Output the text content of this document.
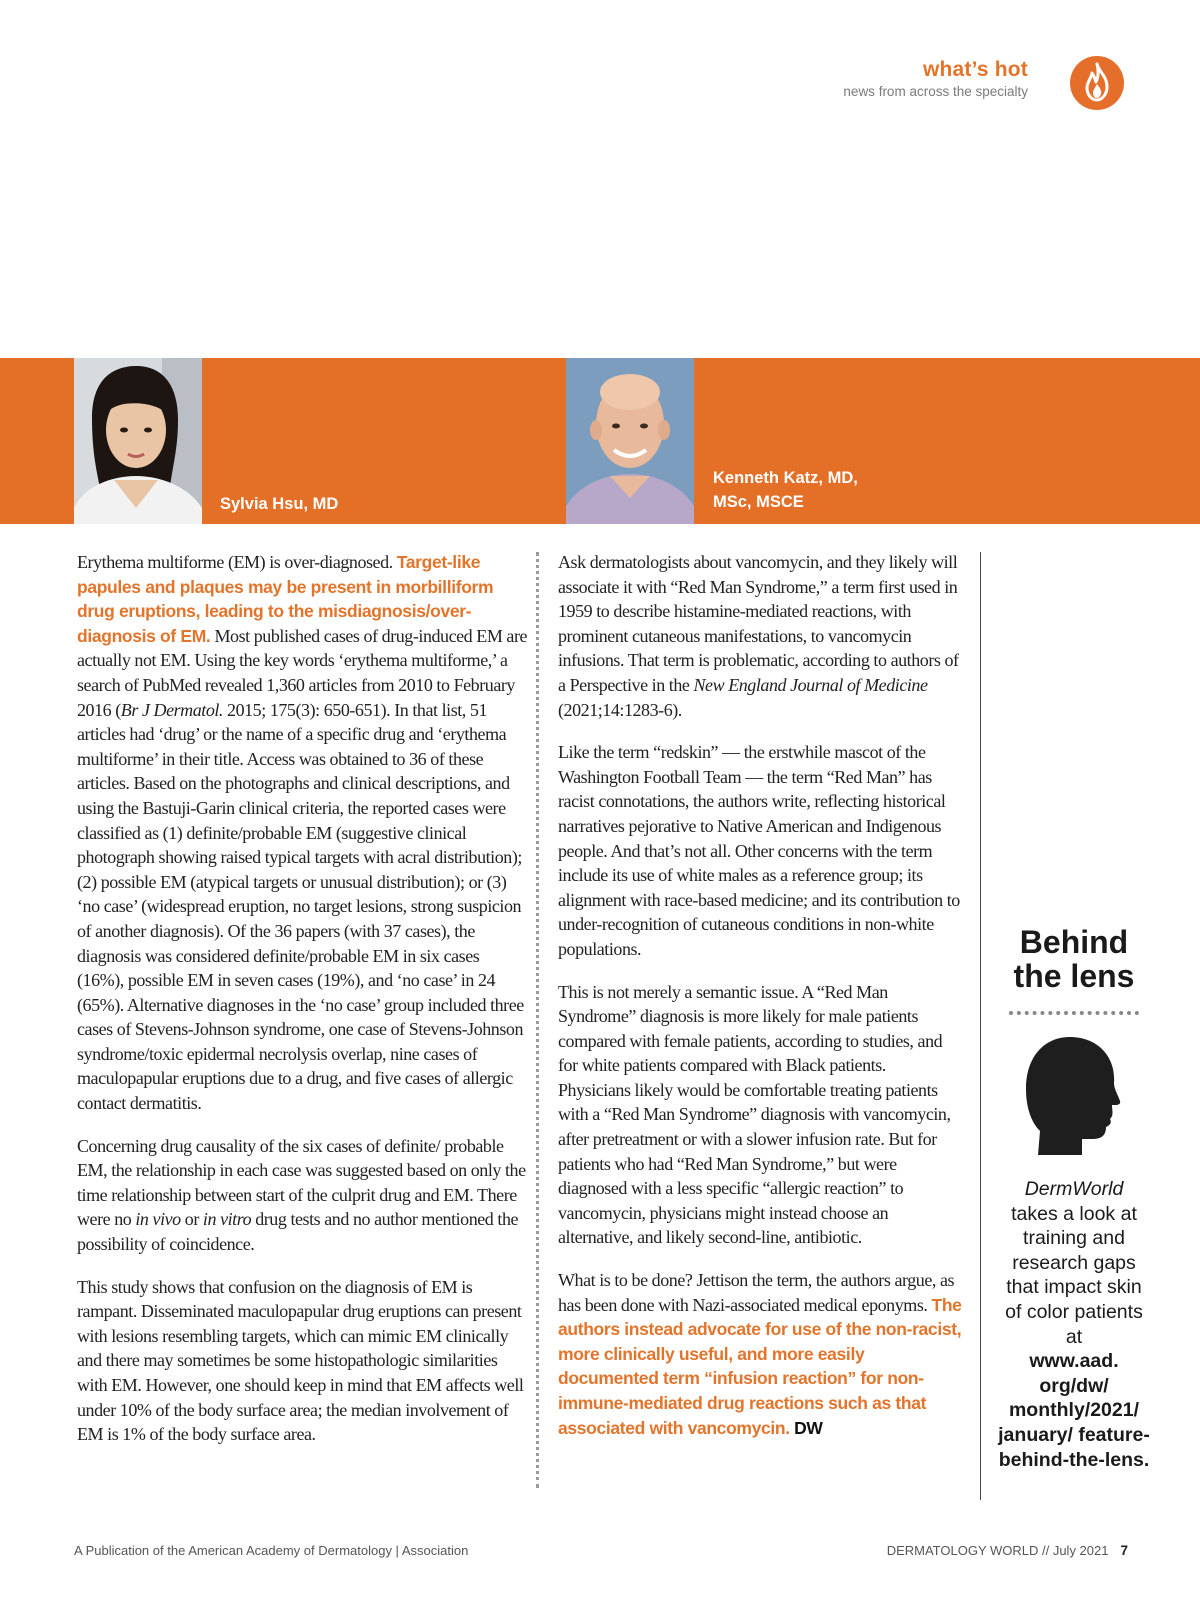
what’s hot
news from across the specialty
Sylvia Hsu, MD
Kenneth Katz, MD,
MSc, MSCE

Erythema multiforme (EM) is over-diagnosed. Target-like papules and plaques may be present in morbilliform drug eruptions, leading to the misdiagnosis/over-diagnosis of EM. Most published cases of drug-induced EM are actually not EM. Using the key words ‘erythema multiforme,’ a search of PubMed revealed 1,360 articles from 2010 to February 2016 (Br J Dermatol. 2015; 175(3): 650-651). In that list, 51 articles had ‘drug’ or the name of a specific drug and ‘erythema multiforme’ in their title. Access was obtained to 36 of these articles. Based on the photographs and clinical descriptions, and using the Bastuji-Garin clinical criteria, the reported cases were classified as (1) definite/probable EM (suggestive clinical photograph showing raised typical targets with acral distribution); (2) possible EM (atypical targets or unusual distribution); or (3) ‘no case’ (widespread eruption, no target lesions, strong suspicion of another diagnosis). Of the 36 papers (with 37 cases), the diagnosis was considered definite/probable EM in six cases (16%), possible EM in seven cases (19%), and ‘no case’ in 24 (65%). Alternative diagnoses in the ‘no case’ group included three cases of Stevens-Johnson syndrome, one case of Stevens-Johnson syndrome/toxic epidermal necrolysis overlap, nine cases of maculopapular eruptions due to a drug, and five cases of allergic contact dermatitis.

Concerning drug causality of the six cases of definite/ probable EM, the relationship in each case was suggested based on only the time relationship between start of the culprit drug and EM. There were no in vivo or in vitro drug tests and no author mentioned the possibility of coincidence.

This study shows that confusion on the diagnosis of EM is rampant. Disseminated maculopapular drug eruptions can present with lesions resembling targets, which can mimic EM clinically and there may sometimes be some histopathologic similarities with EM. However, one should keep in mind that EM affects well under 10% of the body surface area; the median involvement of EM is 1% of the body surface area.

Ask dermatologists about vancomycin, and they likely will associate it with “Red Man Syndrome,” a term first used in 1959 to describe histamine-mediated reactions, with prominent cutaneous manifestations, to vancomycin infusions. That term is problematic, according to authors of a Perspective in the New England Journal of Medicine (2021;14:1283-6).

Like the term “redskin” — the erstwhile mascot of the Washington Football Team — the term “Red Man” has racist connotations, the authors write, reflecting historical narratives pejorative to Native American and Indigenous people. And that’s not all. Other concerns with the term include its use of white males as a reference group; its alignment with race-based medicine; and its contribution to under-recognition of cutaneous conditions in non-white populations.

This is not merely a semantic issue. A “Red Man Syndrome” diagnosis is more likely for male patients compared with female patients, according to studies, and for white patients compared with Black patients. Physicians likely would be comfortable treating patients with a “Red Man Syndrome” diagnosis with vancomycin, after pretreatment or with a slower infusion rate. But for patients who had “Red Man Syndrome,” but were diagnosed with a less specific “allergic reaction” to vancomycin, physicians might instead choose an alternative, and likely second-line, antibiotic.

What is to be done? Jettison the term, the authors argue, as has been done with Nazi-associated medical eponyms. The authors instead advocate for use of the non-racist, more clinically useful, and more easily documented term “infusion reaction” for non-immune-mediated drug reactions such as that associated with vancomycin. DW

Behind
the lens
DermWorld
takes a look at training and research gaps that impact skin of color patients at
www.aad. org/dw/ monthly/2021/ january/ feature-behind-the-lens.
A Publication of the American Academy of Dermatology | Association	DERMATOLOGY WORLD // July 2021 7
